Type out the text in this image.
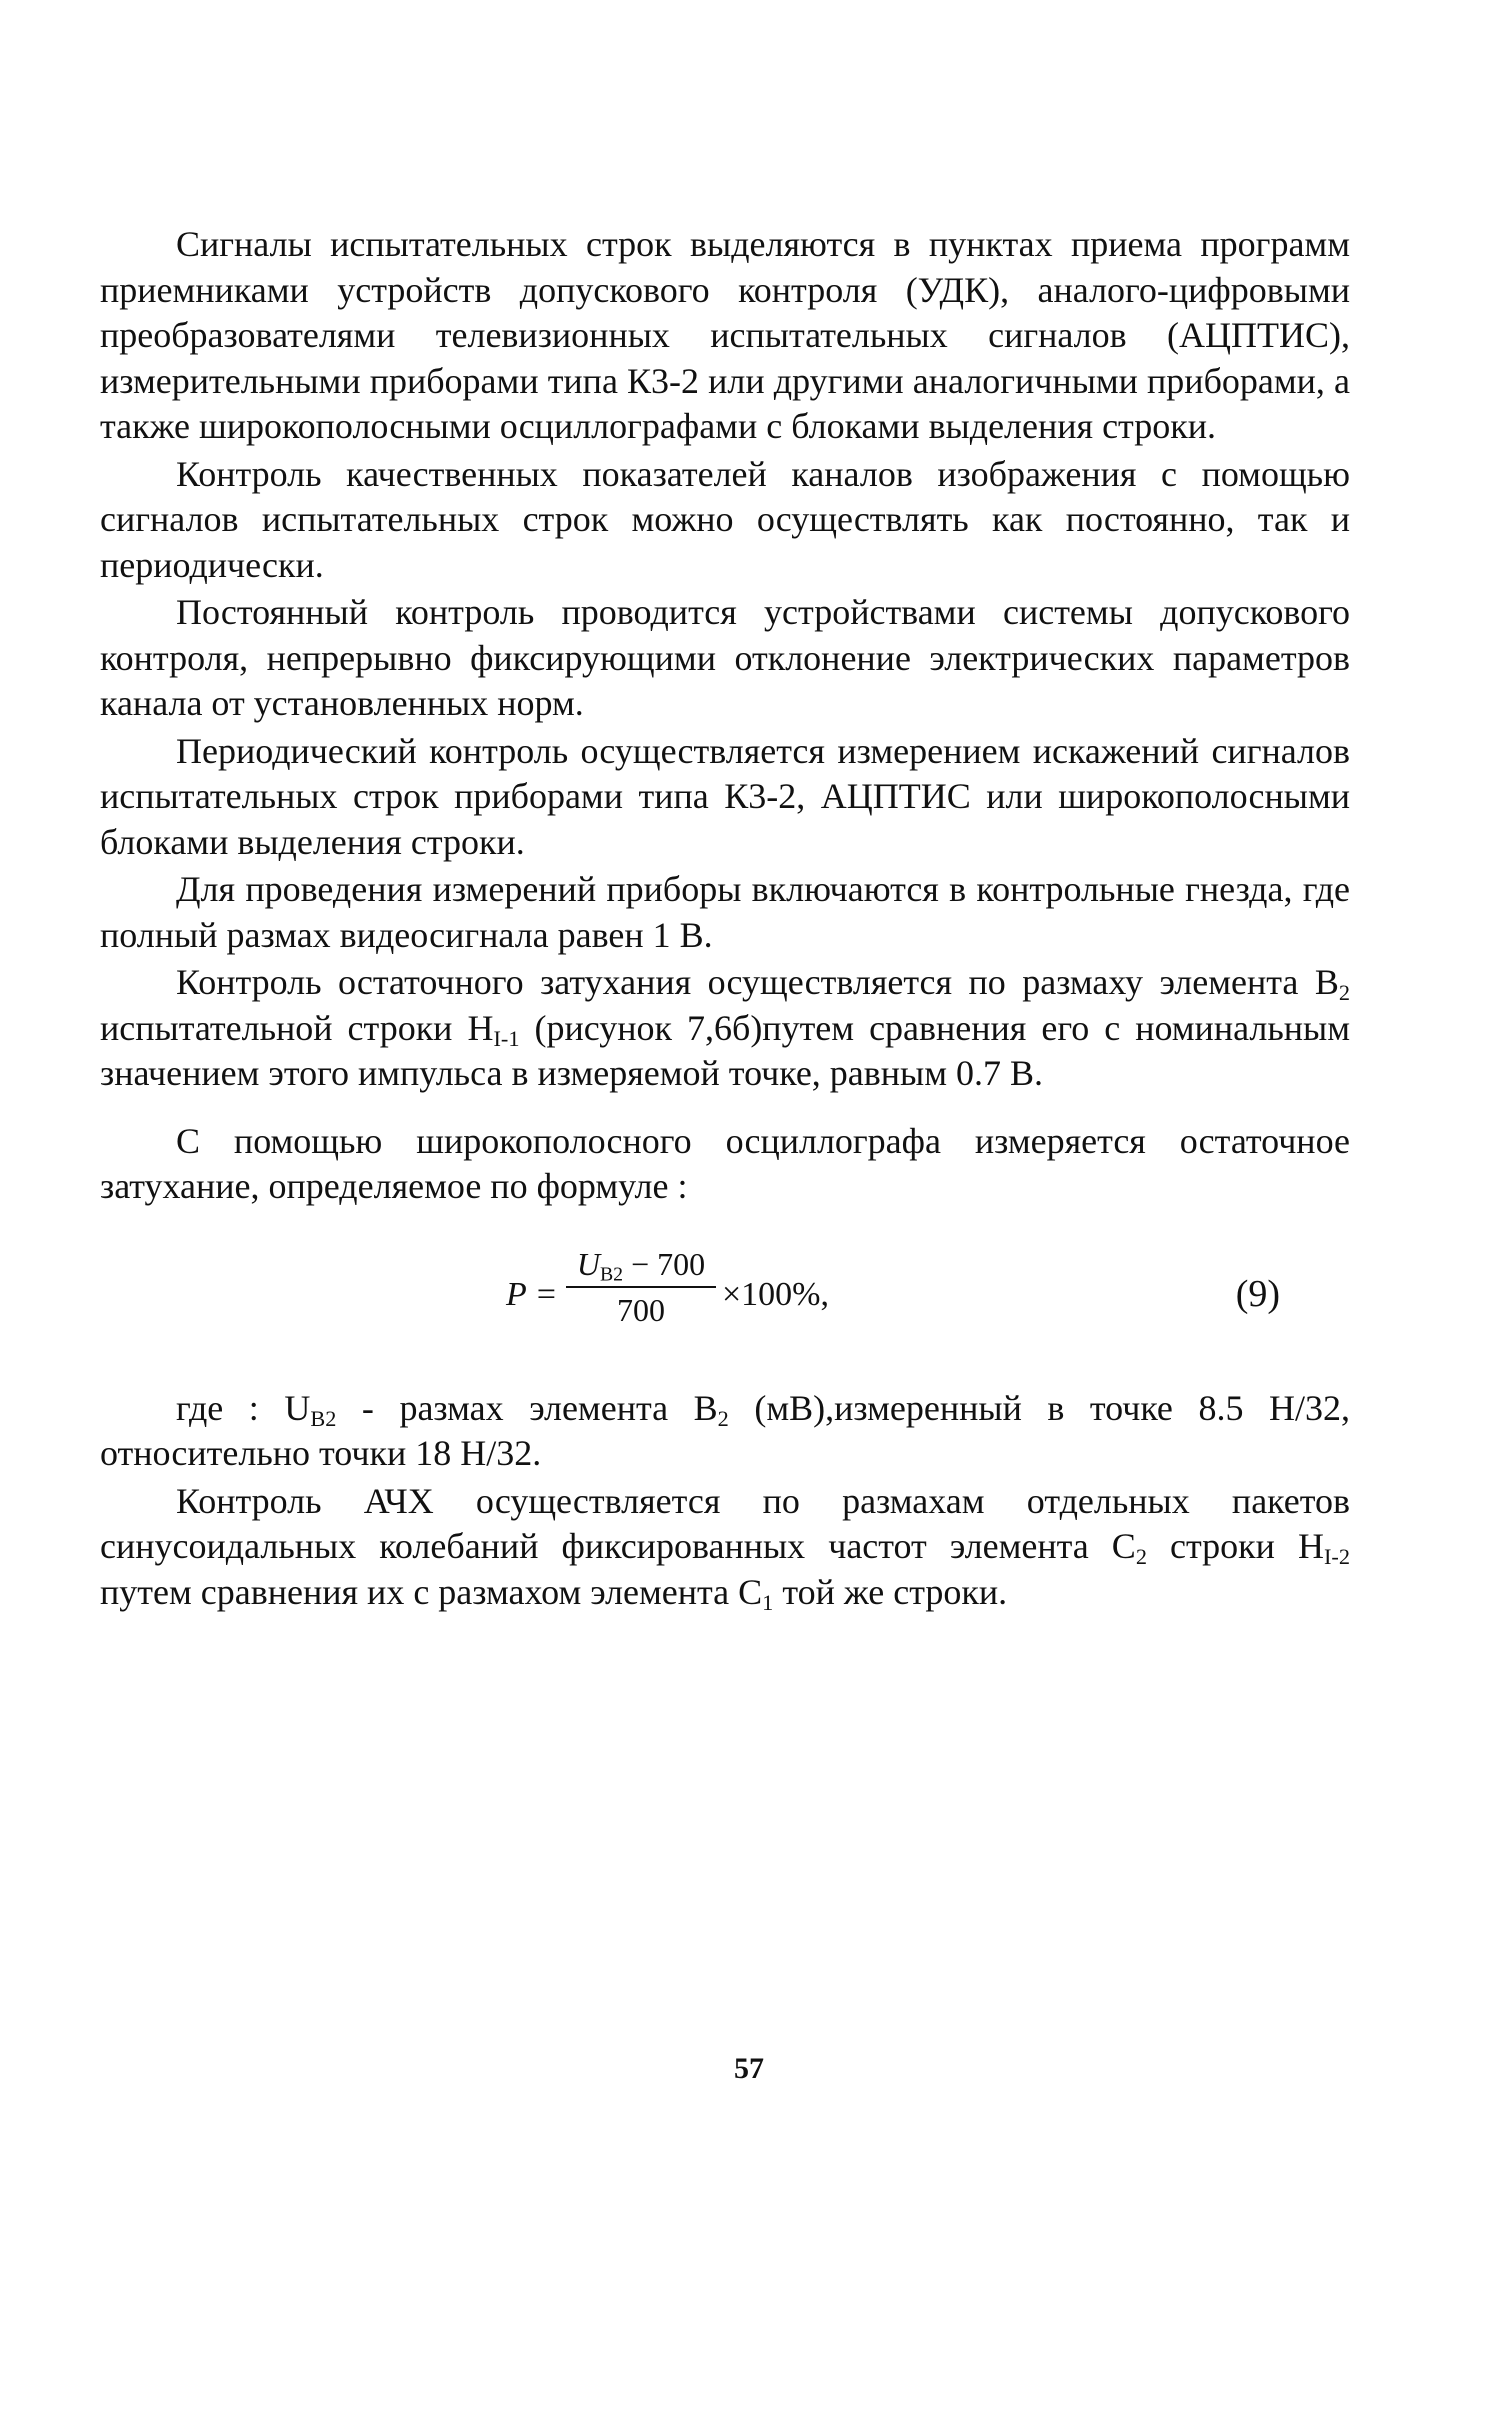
Сигналы испытательных строк выделяются в пунктах приема программ приемниками устройств допускового контроля (УДК), аналого-цифровыми преобразователями телевизионных испытательных сигналов (АЦПТИС), измерительными приборами типа К3-2 или другими аналогичными приборами, а также широкополосными осциллографами с блоками выделения строки.

Контроль качественных показателей каналов изображения с помощью сигналов испытательных строк можно осуществлять как постоянно, так и периодически.

Постоянный контроль проводится устройствами системы допускового контроля, непрерывно фиксирующими отклонение электрических параметров канала от установленных норм.

Периодический контроль осуществляется измерением искажений сигналов испытательных строк приборами типа К3-2, АЦПТИС или широкополосными блоками выделения строки.

Для проведения измерений приборы включаются в контрольные гнезда, где полный размах видеосигнала равен 1 В.

Контроль остаточного затухания осуществляется по размаху элемента $В_2$ испытательной строки $Н_{I-1}$ (рисунок 7,6б)путем сравнения его с номинальным значением этого импульса в измеряемой точке, равным 0.7 В.

С помощью широкополосного осциллографа измеряется остаточное затухание, определяемое по формуле :

$P = \frac{U_{B2} - 700}{700} \times 100\%$,	(9)

где : $U_{B2}$ - размах элемента $В_2$ (мВ),измеренный в точке 8.5 Н/32, относительно точки 18 Н/32.

Контроль АЧХ осуществляется по размахам отдельных пакетов синусоидальных колебаний фиксированных частот элемента $С_2$ строки $Н_{I-2}$ путем сравнения их с размахом элемента $С_1$ той же строки.

57
